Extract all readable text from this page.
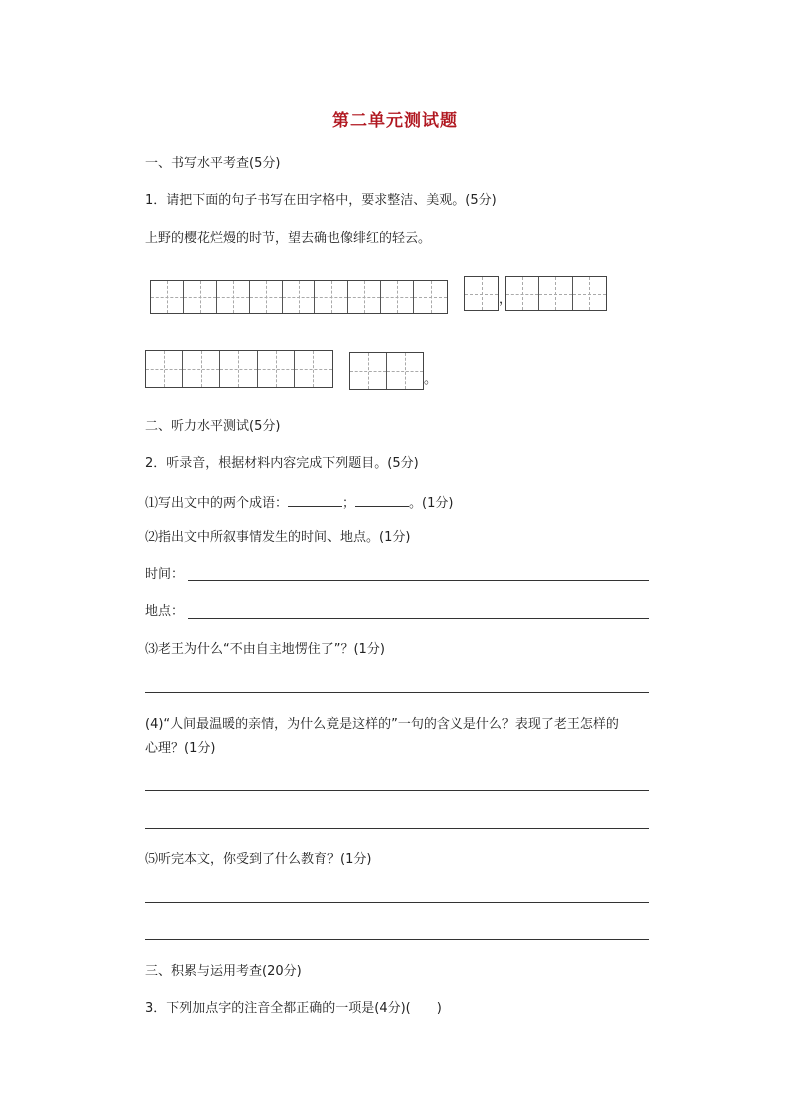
第二单元测试题
一、书写水平考查(5分)
1．请把下面的句子书写在田字格中，要求整洁、美观。(5分)
上野的樱花烂熳的时节，望去确也像绯红的轻云。
，
。
二、听力水平测试(5分)
2．听录音，根据材料内容完成下列题目。(5分)
⑴写出文中的两个成语：	；	。(1分)
⑵指出文中所叙事情发生的时间、地点。(1分)
时间：
地点：
⑶老王为什么“不由自主地愣住了”？(1分)
(4)“人间最温暖的亲情，为什么竟是这样的”一句的含义是什么？表现了老王怎样的
心理？(1分)
⑸听完本文，你受到了什么教育？(1分)
三、积累与运用考查(20分)
3．下列加点字的注音全都正确的一项是(4分)(　　)
